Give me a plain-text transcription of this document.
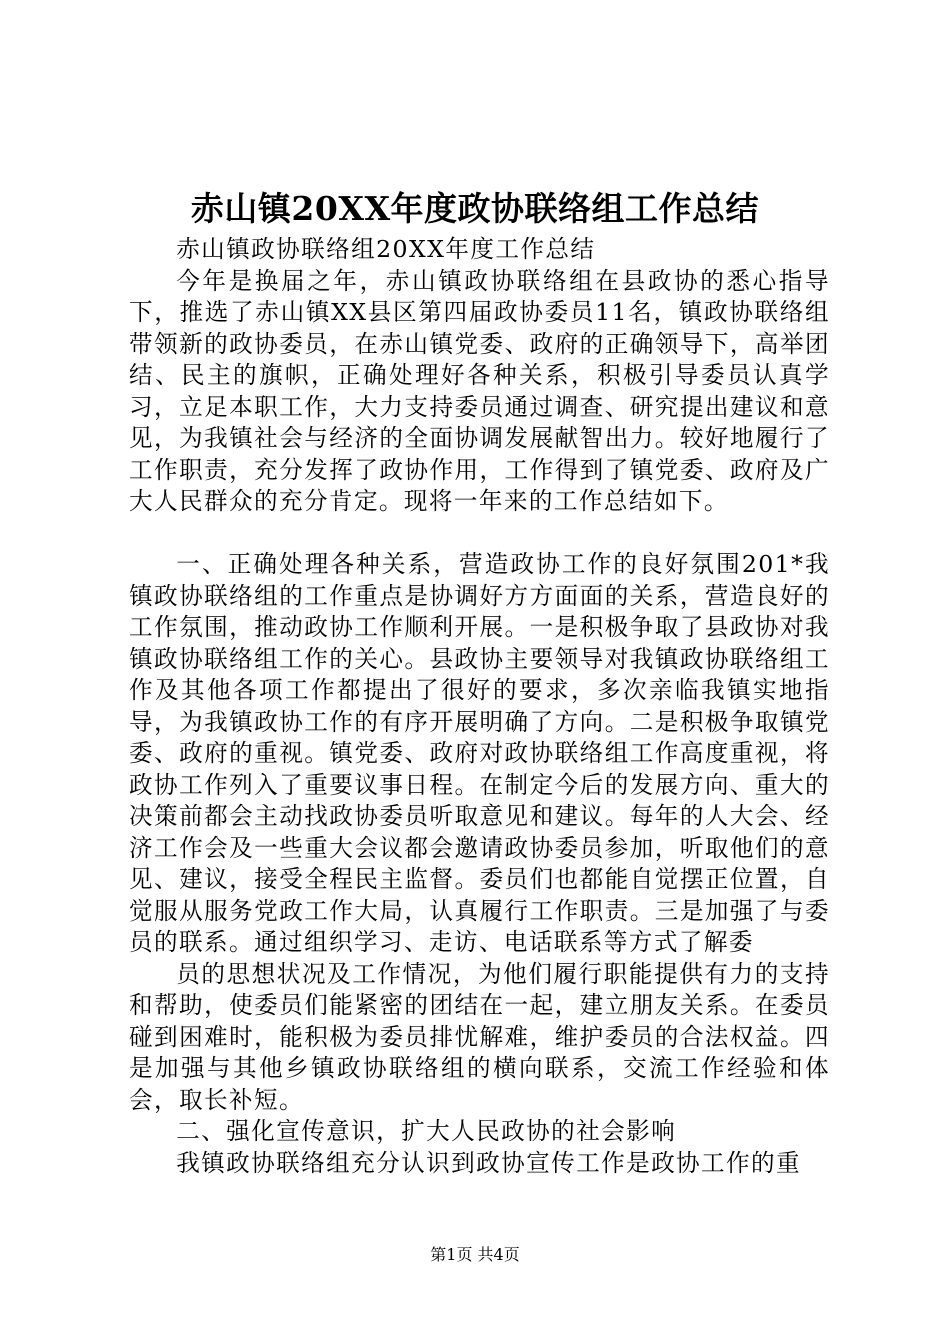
赤山镇20XX年度政协联络组工作总结

赤山镇政协联络组20XX年度工作总结

今年是换届之年，赤山镇政协联络组在县政协的悉心指导下，推选了赤山镇XX县区第四届政协委员11名，镇政协联络组带领新的政协委员，在赤山镇党委、政府的正确领导下，高举团结、民主的旗帜，正确处理好各种关系，积极引导委员认真学习，立足本职工作，大力支持委员通过调查、研究提出建议和意见，为我镇社会与经济的全面协调发展献智出力。较好地履行了工作职责，充分发挥了政协作用，工作得到了镇党委、政府及广大人民群众的充分肯定。现将一年来的工作总结如下。

一、正确处理各种关系，营造政协工作的良好氛围201*我镇政协联络组的工作重点是协调好方方面面的关系，营造良好的工作氛围，推动政协工作顺利开展。一是积极争取了县政协对我镇政协联络组工作的关心。县政协主要领导对我镇政协联络组工作及其他各项工作都提出了很好的要求，多次亲临我镇实地指导，为我镇政协工作的有序开展明确了方向。二是积极争取镇党委、政府的重视。镇党委、政府对政协联络组工作高度重视，将政协工作列入了重要议事日程。在制定今后的发展方向、重大的决策前都会主动找政协委员听取意见和建议。每年的人大会、经济工作会及一些重大会议都会邀请政协委员参加，听取他们的意见、建议，接受全程民主监督。委员们也都能自觉摆正位置，自觉服从服务党政工作大局，认真履行工作职责。三是加强了与委员的联系。通过组织学习、走访、电话联系等方式了解委

员的思想状况及工作情况，为他们履行职能提供有力的支持和帮助，使委员们能紧密的团结在一起，建立朋友关系。在委员碰到困难时，能积极为委员排忧解难，维护委员的合法权益。四是加强与其他乡镇政协联络组的横向联系，交流工作经验和体会，取长补短。

二、强化宣传意识，扩大人民政协的社会影响

我镇政协联络组充分认识到政协宣传工作是政协工作的重

第1页 共4页
